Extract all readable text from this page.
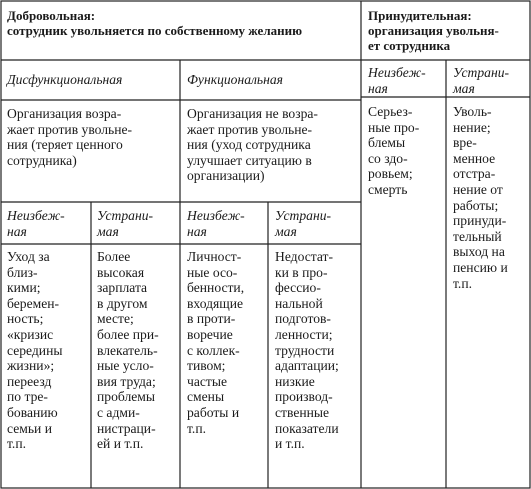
Добровольная:
сотрудник увольняется по собственному желанию
Принудительная:
организация увольня-
ет сотрудника
Дисфункциональная	Функциональная	Неизбеж-
ная
Устрани-
мая
Серьез-
ные про-
блемы
со здо-
ровьем;
смерть
Уволь-
нение;
вре-
менное
отстра-
нение от
работы;
принуди-
тельный
выход на
пенсию и
т.п.
Организация возра-
жает против увольне-
ния (теряет ценного
сотрудника)
Организация не возра-
жает против увольне-
ния (уход сотрудника
улучшает ситуацию в
организации)
Неизбеж-
ная
Устрани-
мая
Неизбеж-
ная
Устрани-
мая
Уход за
близ-
кими;
беремен-
ность;
«кризис
середины
жизни»;
переезд
по тре-
бованию
семьи и
т.п.
Более
высокая
зарплата
в другом
месте;
более при-
влекатель-
ные усло-
вия труда;
проблемы
с адми-
нистраци-
ей и т.п.
Личност-
ные осо-
бенности,
входящие
в проти-
воречие
с коллек-
тивом;
частые
смены
работы и
т.п.
Недостат-
ки в про-
фессио-
нальной
подготов-
ленности;
трудности
адаптации;
низкие
производ-
ственные
показатели
и т.п.
